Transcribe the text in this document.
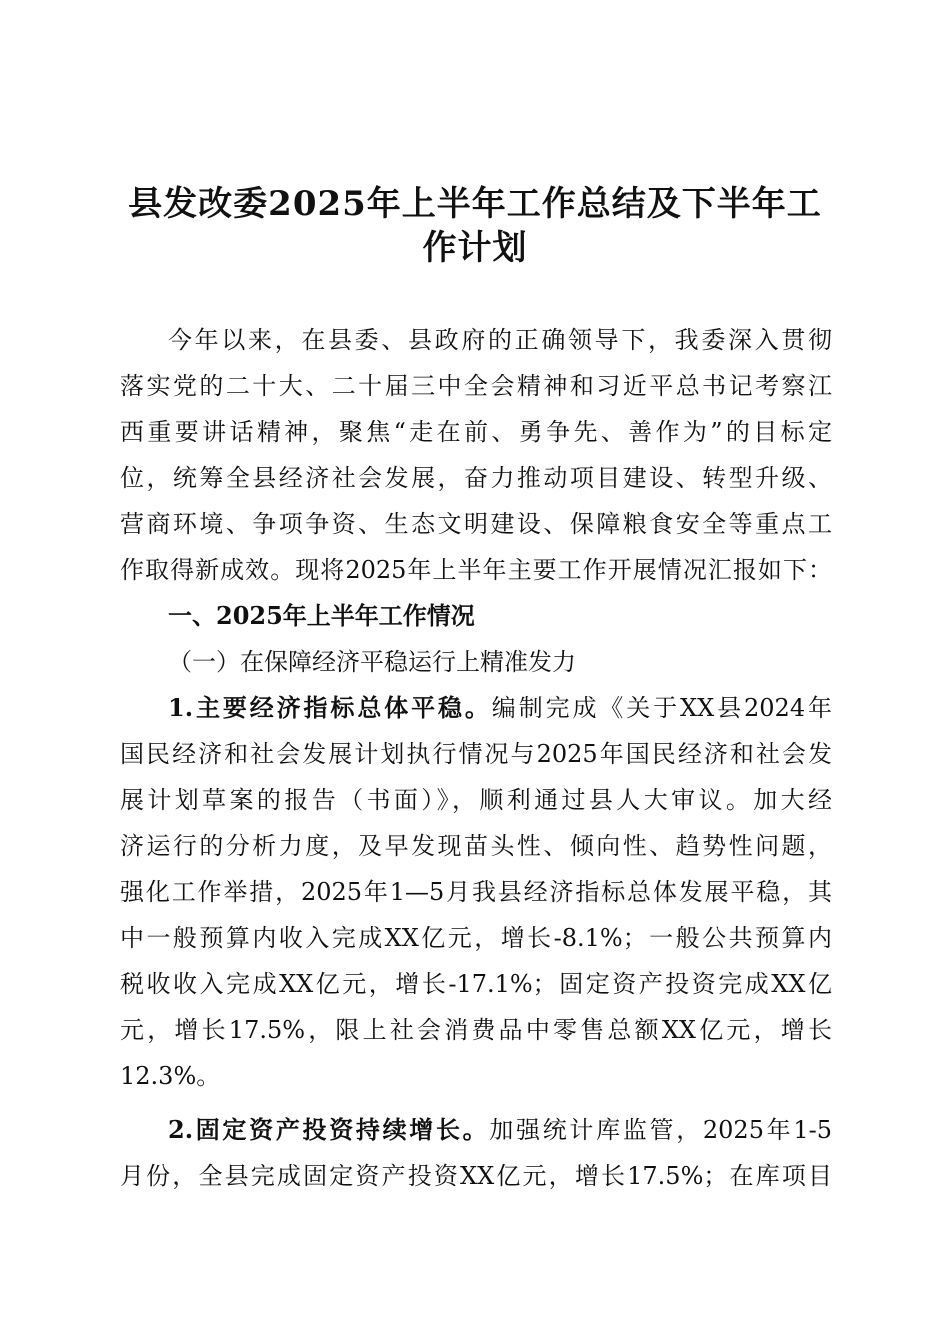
县发改委2025年上半年工作总结及下半年工
作计划
今年以来，在县委、县政府的正确领导下，我委深入贯彻
落实党的二十大、二十届三中全会精神和习近平总书记考察江
西重要讲话精神，聚焦“走在前、勇争先、善作为”的目标定
位，统筹全县经济社会发展，奋力推动项目建设、转型升级、
营商环境、争项争资、生态文明建设、保障粮食安全等重点工
作取得新成效。现将2025年上半年主要工作开展情况汇报如下：
一、2025年上半年工作情况
（一）在保障经济平稳运行上精准发力
1.主要经济指标总体平稳。编制完成《关于XX县2024年
国民经济和社会发展计划执行情况与2025年国民经济和社会发
展计划草案的报告（书面）》，顺利通过县人大审议。加大经
济运行的分析力度，及早发现苗头性、倾向性、趋势性问题，
强化工作举措，2025年1—5月我县经济指标总体发展平稳，其
中一般预算内收入完成XX亿元，增长-8.1%；一般公共预算内
税收收入完成XX亿元，增长-17.1%；固定资产投资完成XX亿
元，增长17.5%，限上社会消费品中零售总额XX亿元，增长
12.3%。
2.固定资产投资持续增长。加强统计库监管，2025年1-5
月份，全县完成固定资产投资XX亿元，增长17.5%；在库项目
